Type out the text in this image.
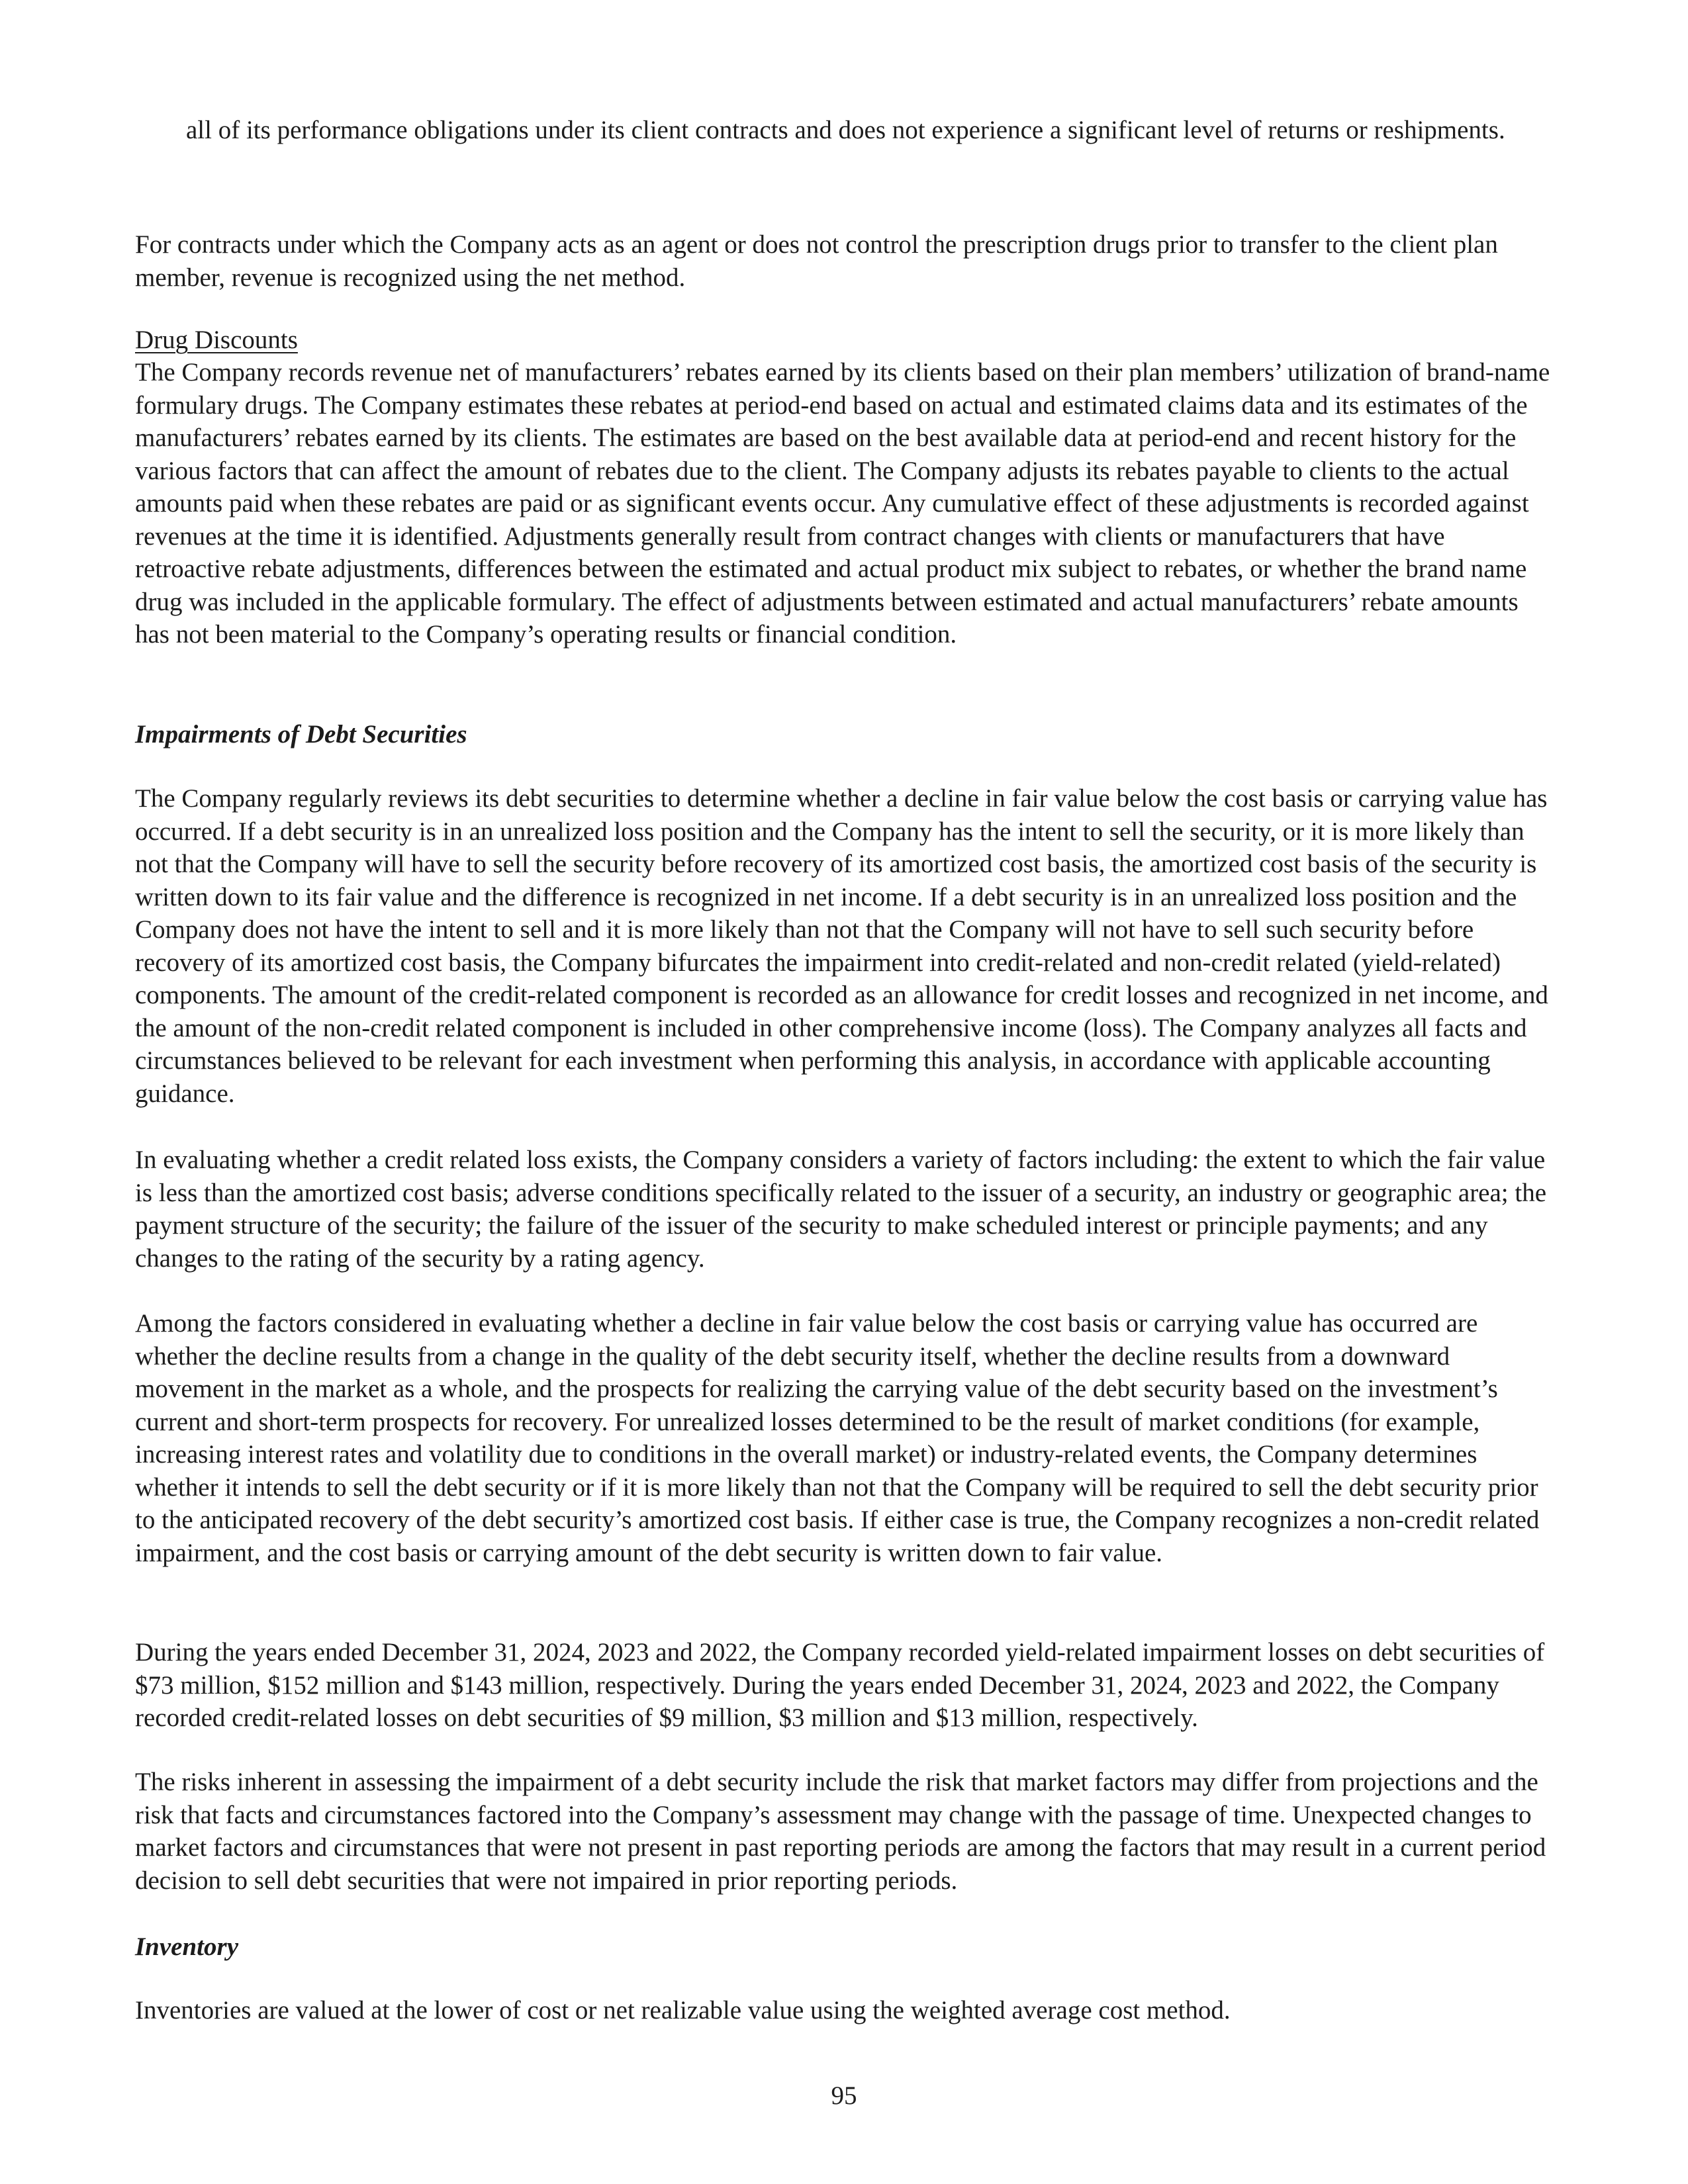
all of its performance obligations under its client contracts and does not experience a significant level of returns or reshipments.

For contracts under which the Company acts as an agent or does not control the prescription drugs prior to transfer to the client plan member, revenue is recognized using the net method.

Drug Discounts

The Company records revenue net of manufacturers’ rebates earned by its clients based on their plan members’ utilization of brand-name formulary drugs. The Company estimates these rebates at period-end based on actual and estimated claims data and its estimates of the manufacturers’ rebates earned by its clients. The estimates are based on the best available data at period-end and recent history for the various factors that can affect the amount of rebates due to the client. The Company adjusts its rebates payable to clients to the actual amounts paid when these rebates are paid or as significant events occur. Any cumulative effect of these adjustments is recorded against revenues at the time it is identified. Adjustments generally result from contract changes with clients or manufacturers that have retroactive rebate adjustments, differences between the estimated and actual product mix subject to rebates, or whether the brand name drug was included in the applicable formulary. The effect of adjustments between estimated and actual manufacturers’ rebate amounts has not been material to the Company’s operating results or financial condition.

Impairments of Debt Securities

The Company regularly reviews its debt securities to determine whether a decline in fair value below the cost basis or carrying value has occurred. If a debt security is in an unrealized loss position and the Company has the intent to sell the security, or it is more likely than not that the Company will have to sell the security before recovery of its amortized cost basis, the amortized cost basis of the security is written down to its fair value and the difference is recognized in net income. If a debt security is in an unrealized loss position and the Company does not have the intent to sell and it is more likely than not that the Company will not have to sell such security before recovery of its amortized cost basis, the Company bifurcates the impairment into credit-related and non-credit related (yield-related) components. The amount of the credit-related component is recorded as an allowance for credit losses and recognized in net income, and the amount of the non-credit related component is included in other comprehensive income (loss). The Company analyzes all facts and circumstances believed to be relevant for each investment when performing this analysis, in accordance with applicable accounting guidance.

In evaluating whether a credit related loss exists, the Company considers a variety of factors including: the extent to which the fair value is less than the amortized cost basis; adverse conditions specifically related to the issuer of a security, an industry or geographic area; the payment structure of the security; the failure of the issuer of the security to make scheduled interest or principle payments; and any changes to the rating of the security by a rating agency.

Among the factors considered in evaluating whether a decline in fair value below the cost basis or carrying value has occurred are whether the decline results from a change in the quality of the debt security itself, whether the decline results from a downward movement in the market as a whole, and the prospects for realizing the carrying value of the debt security based on the investment’s current and short-term prospects for recovery. For unrealized losses determined to be the result of market conditions (for example, increasing interest rates and volatility due to conditions in the overall market) or industry-related events, the Company determines whether it intends to sell the debt security or if it is more likely than not that the Company will be required to sell the debt security prior to the anticipated recovery of the debt security’s amortized cost basis. If either case is true, the Company recognizes a non-credit related impairment, and the cost basis or carrying amount of the debt security is written down to fair value.

During the years ended December 31, 2024, 2023 and 2022, the Company recorded yield-related impairment losses on debt securities of $73 million, $152 million and $143 million, respectively. During the years ended December 31, 2024, 2023 and 2022, the Company recorded credit-related losses on debt securities of $9 million, $3 million and $13 million, respectively.

The risks inherent in assessing the impairment of a debt security include the risk that market factors may differ from projections and the risk that facts and circumstances factored into the Company’s assessment may change with the passage of time. Unexpected changes to market factors and circumstances that were not present in past reporting periods are among the factors that may result in a current period decision to sell debt securities that were not impaired in prior reporting periods.

Inventory

Inventories are valued at the lower of cost or net realizable value using the weighted average cost method.

95
